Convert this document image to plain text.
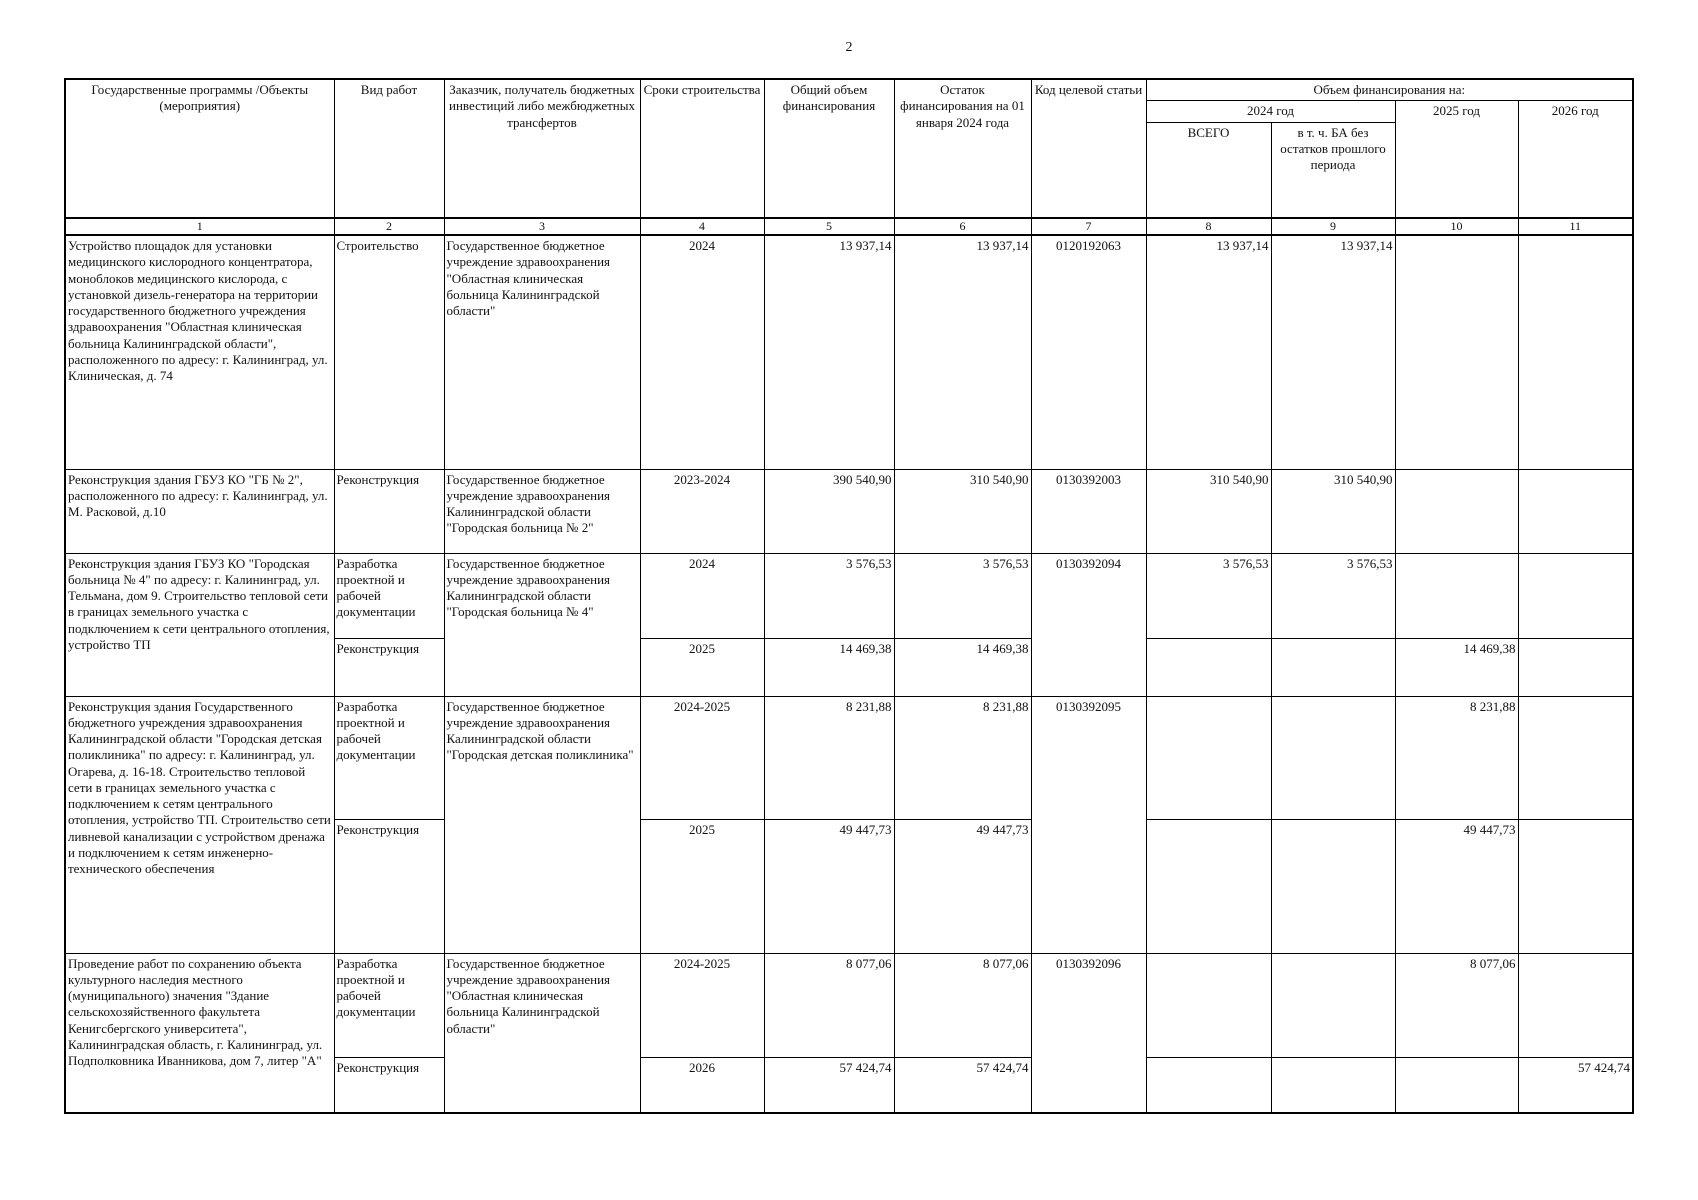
2
Государственные программы /Объекты (мероприятия)	Вид работ	Заказчик, получатель бюджетных инвестиций либо межбюджетных трансфертов	Сроки строительства	Общий объем финансирования	Остаток финансирования на 01 января 2024 года	Код целевой статьи	Объем финансирования на:			
							2024 год		2025 год	2026 год
							ВСЕГО	в т. ч. БА без остатков прошлого периода		
1	2	3	4	5	6	7	8	9	10	11
Устройство площадок для установки медицинского кислородного концентратора, моноблоков медицинского кислорода, с установкой дизель-генератора на территории государственного бюджетного учреждения здравоохранения "Областная клиническая больница Калининградской области", расположенного по адресу: г. Калининград, ул. Клиническая, д. 74	Строительство	Государственное бюджетное учреждение здравоохранения "Областная клиническая больница Калининградской области"	2024	13 937,14	13 937,14	0120192063	13 937,14	13 937,14		
Реконструкция здания ГБУЗ КО "ГБ № 2", расположенного по адресу: г. Калининград, ул. М. Расковой, д.10	Реконструкция	Государственное бюджетное учреждение здравоохранения Калининградской области "Городская больница № 2"	2023-2024	390 540,90	310 540,90	0130392003	310 540,90	310 540,90		
Реконструкция здания ГБУЗ КО "Городская больница № 4" по адресу: г. Калининград, ул. Тельмана, дом 9. Строительство тепловой сети в границах земельного участка с подключением к сети центрального отопления, устройство ТП	Разработка проектной и рабочей документации	Государственное бюджетное учреждение здравоохранения Калининградской области "Городская больница № 4"	2024	3 576,53	3 576,53	0130392094	3 576,53	3 576,53		
	Реконструкция		2025	14 469,38	14 469,38				14 469,38	
Реконструкция здания Государственного бюджетного учреждения здравоохранения Калининградской области "Городская детская поликлиника" по адресу: г. Калининград, ул. Огарева, д. 16-18. Строительство тепловой сети в границах земельного участка с подключением к сетям центрального отопления, устройство ТП. Строительство сети ливневой канализации с устройством дренажа и подключением к сетям инженерно-технического обеспечения	Разработка проектной и рабочей документации	Государственное бюджетное учреждение здравоохранения Калининградской области "Городская детская поликлиника"	2024-2025	8 231,88	8 231,88	0130392095			8 231,88	
	Реконструкция		2025	49 447,73	49 447,73				49 447,73	
Проведение работ по сохранению объекта культурного наследия местного (муниципального) значения "Здание сельскохозяйственного факультета Кенигсбергского университета", Калининградская область, г. Калининград, ул. Подполковника Иванникова, дом 7, литер "А"	Разработка проектной и рабочей документации	Государственное бюджетное учреждение здравоохранения "Областная клиническая больница Калининградской области"	2024-2025	8 077,06	8 077,06	0130392096			8 077,06	
	Реконструкция		2026	57 424,74	57 424,74					57 424,74
